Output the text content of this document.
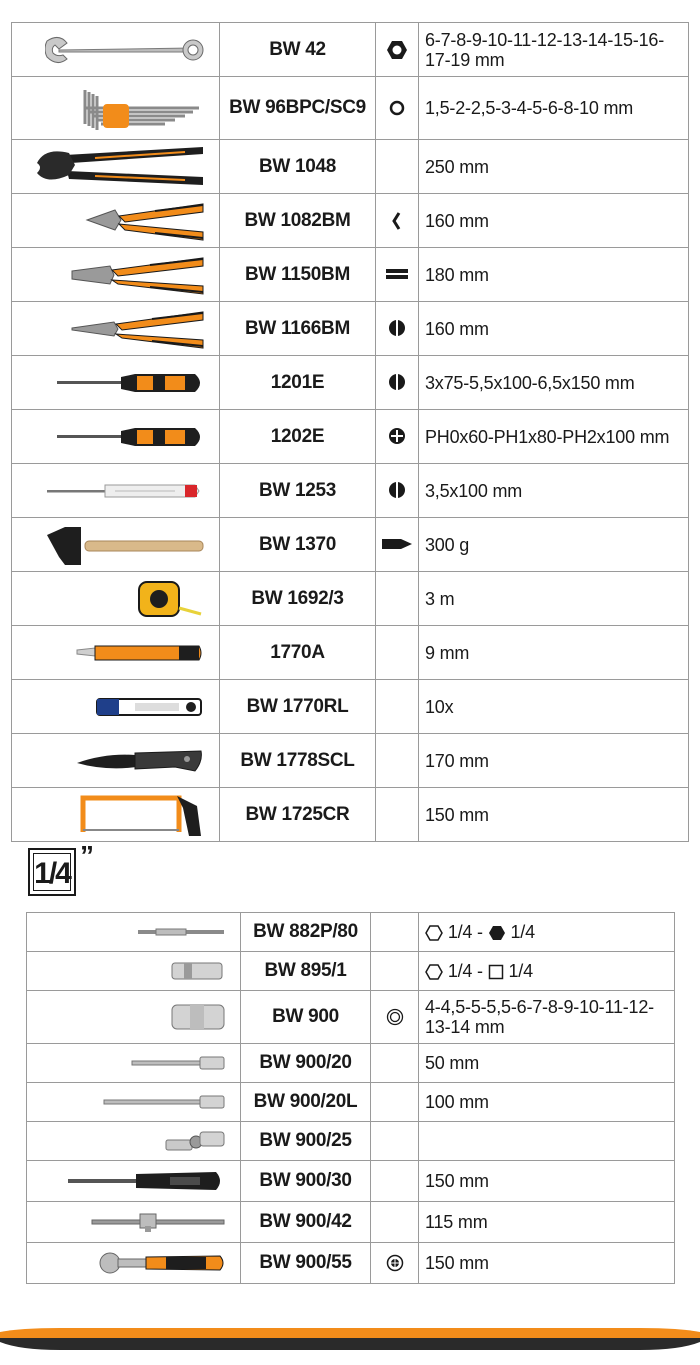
	BW 42		6-7-8-9-10-11-12-13-14-15-16-17-19 mm
	BW 96BPC/SC9		1,5-2-2,5-3-4-5-6-8-10 mm
	BW 1048		250 mm
	BW 1082BM		160 mm
	BW 1150BM		180 mm
	BW 1166BM		160 mm
	1201E		3x75-5,5x100-6,5x150 mm
	1202E		PH0x60-PH1x80-PH2x100 mm
	BW 1253		3,5x100 mm
	BW 1370		300 g
	BW 1692/3		3 m
	1770A		9 mm
	BW 1770RL		10x
	BW 1778SCL		170 mm
	BW 1725CR		150 mm
1/4
”
	BW 882P/80		1/4 - 1/4
	BW 895/1		1/4 - 1/4
	BW 900		4-4,5-5-5,5-6-7-8-9-10-11-12-13-14 mm
	BW 900/20		50 mm
	BW 900/20L		100 mm
	BW 900/25		
	BW 900/30		150 mm
	BW 900/42		115 mm
	BW 900/55		150 mm
